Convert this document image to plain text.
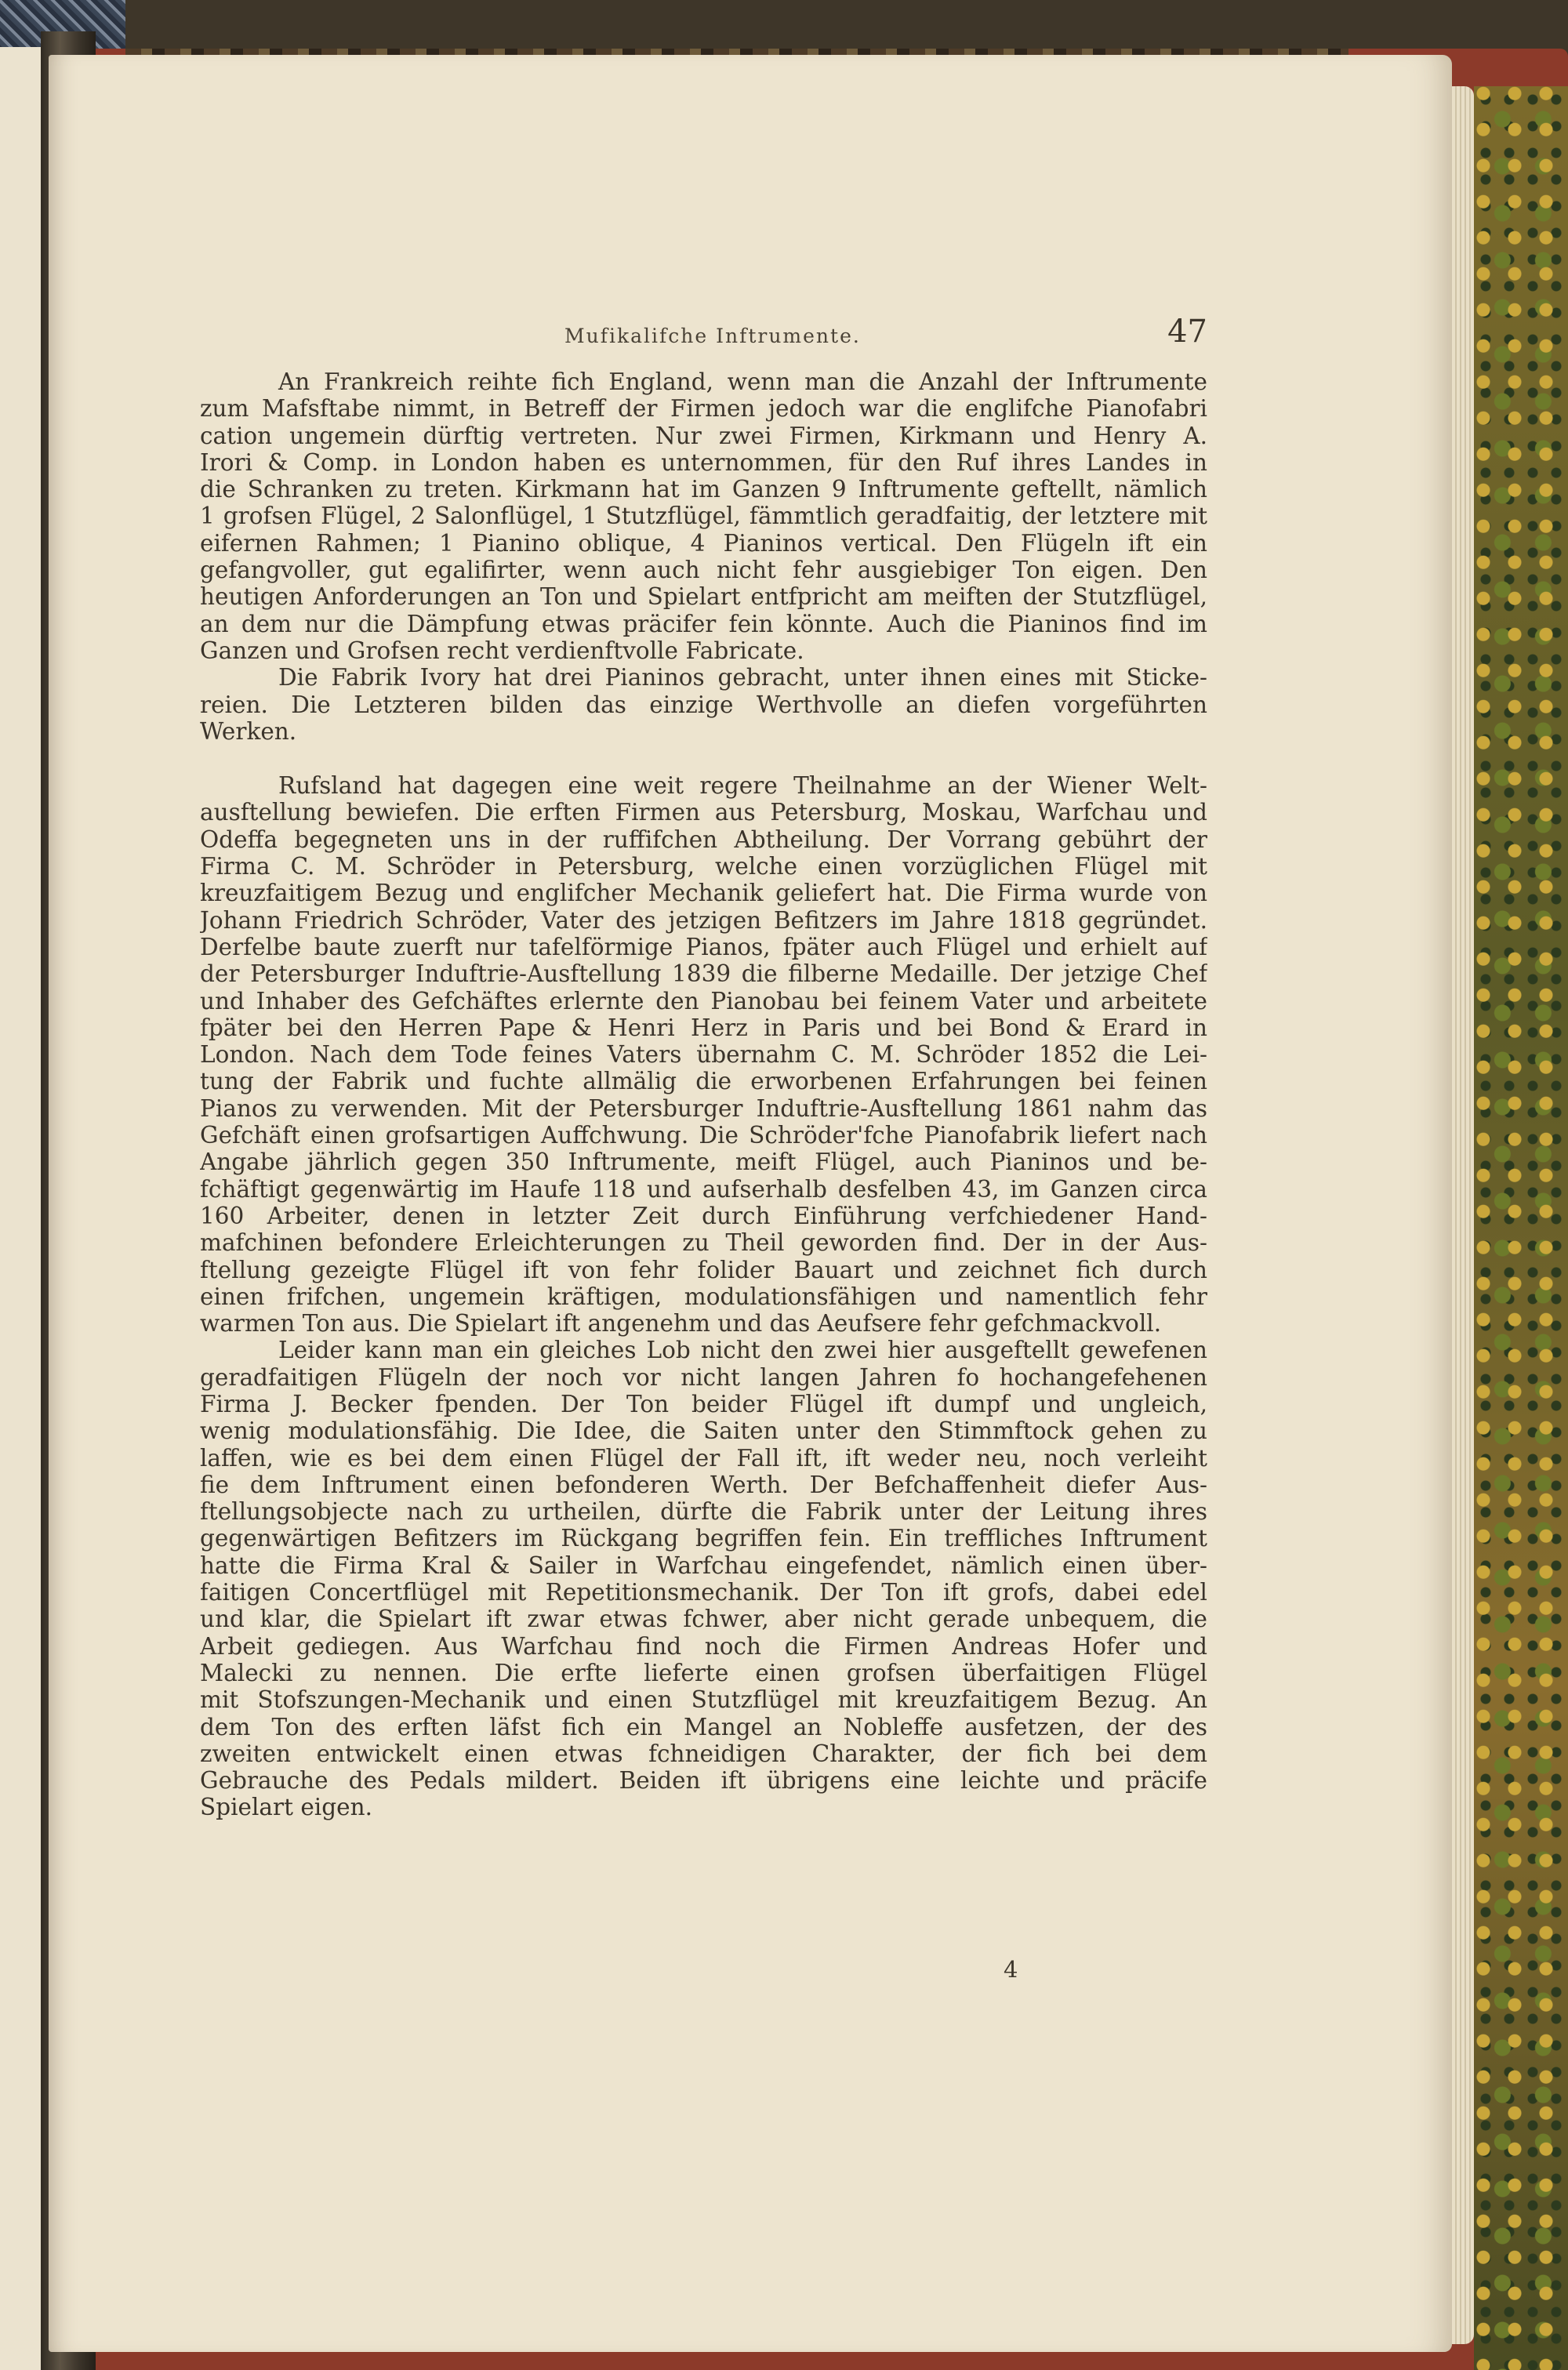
Mufikalifche Inftrumente.	47
An Frankreich reihte fich England, wenn man die Anzahl der Inftrumente
zum Mafsftabe nimmt, in Betreff der Firmen jedoch war die englifche Pianofabri
cation ungemein dürftig vertreten. Nur zwei Firmen, Kirkmann und Henry A.
Irori & Comp. in London haben es unternommen, für den Ruf ihres Landes in
die Schranken zu treten. Kirkmann hat im Ganzen 9 Inftrumente geftellt, nämlich
1 grofsen Flügel, 2 Salonflügel, 1 Stutzflügel, fämmtlich geradfaitig, der letztere mit
eifernen Rahmen; 1 Pianino oblique, 4 Pianinos vertical. Den Flügeln ift ein
gefangvoller, gut egalifirter, wenn auch nicht fehr ausgiebiger Ton eigen. Den
heutigen Anforderungen an Ton und Spielart entfpricht am meiften der Stutzflügel,
an dem nur die Dämpfung etwas präcifer fein könnte. Auch die Pianinos find im
Ganzen und Grofsen recht verdienftvolle Fabricate.
Die Fabrik Ivory hat drei Pianinos gebracht, unter ihnen eines mit Sticke-
reien. Die Letzteren bilden das einzige Werthvolle an diefen vorgeführten
Werken.
Rufsland hat dagegen eine weit regere Theilnahme an der Wiener Welt-
ausftellung bewiefen. Die erften Firmen aus Petersburg, Moskau, Warfchau und
Odeffa begegneten uns in der ruffifchen Abtheilung. Der Vorrang gebührt der
Firma C. M. Schröder in Petersburg, welche einen vorzüglichen Flügel mit
kreuzfaitigem Bezug und englifcher Mechanik geliefert hat. Die Firma wurde von
Johann Friedrich Schröder, Vater des jetzigen Befitzers im Jahre 1818 gegründet.
Derfelbe baute zuerft nur tafelförmige Pianos, fpäter auch Flügel und erhielt auf
der Petersburger Induftrie-Ausftellung 1839 die filberne Medaille. Der jetzige Chef
und Inhaber des Gefchäftes erlernte den Pianobau bei feinem Vater und arbeitete
fpäter bei den Herren Pape & Henri Herz in Paris und bei Bond & Erard in
London. Nach dem Tode feines Vaters übernahm C. M. Schröder 1852 die Lei-
tung der Fabrik und fuchte allmälig die erworbenen Erfahrungen bei feinen
Pianos zu verwenden. Mit der Petersburger Induftrie-Ausftellung 1861 nahm das
Gefchäft einen grofsartigen Auffchwung. Die Schröder'fche Pianofabrik liefert nach
Angabe jährlich gegen 350 Inftrumente, meift Flügel, auch Pianinos und be-
fchäftigt gegenwärtig im Haufe 118 und aufserhalb desfelben 43, im Ganzen circa
160 Arbeiter, denen in letzter Zeit durch Einführung verfchiedener Hand-
mafchinen befondere Erleichterungen zu Theil geworden find. Der in der Aus-
ftellung gezeigte Flügel ift von fehr folider Bauart und zeichnet fich durch
einen frifchen, ungemein kräftigen, modulationsfähigen und namentlich fehr
warmen Ton aus. Die Spielart ift angenehm und das Aeufsere fehr gefchmackvoll.
Leider kann man ein gleiches Lob nicht den zwei hier ausgeftellt gewefenen
geradfaitigen Flügeln der noch vor nicht langen Jahren fo hochangefehenen
Firma J. Becker fpenden. Der Ton beider Flügel ift dumpf und ungleich,
wenig modulationsfähig. Die Idee, die Saiten unter den Stimmftock gehen zu
laffen, wie es bei dem einen Flügel der Fall ift, ift weder neu, noch verleiht
fie dem Inftrument einen befonderen Werth. Der Befchaffenheit diefer Aus-
ftellungsobjecte nach zu urtheilen, dürfte die Fabrik unter der Leitung ihres
gegenwärtigen Befitzers im Rückgang begriffen fein. Ein treffliches Inftrument
hatte die Firma Kral & Sailer in Warfchau eingefendet, nämlich einen über-
faitigen Concertflügel mit Repetitionsmechanik. Der Ton ift grofs, dabei edel
und klar, die Spielart ift zwar etwas fchwer, aber nicht gerade unbequem, die
Arbeit gediegen. Aus Warfchau find noch die Firmen Andreas Hofer und
Malecki zu nennen. Die erfte lieferte einen grofsen überfaitigen Flügel
mit Stofszungen-Mechanik und einen Stutzflügel mit kreuzfaitigem Bezug. An
dem Ton des erften läfst fich ein Mangel an Nobleffe ausfetzen, der des
zweiten entwickelt einen etwas fchneidigen Charakter, der fich bei dem
Gebrauche des Pedals mildert. Beiden ift übrigens eine leichte und präcife
Spielart eigen.
4
